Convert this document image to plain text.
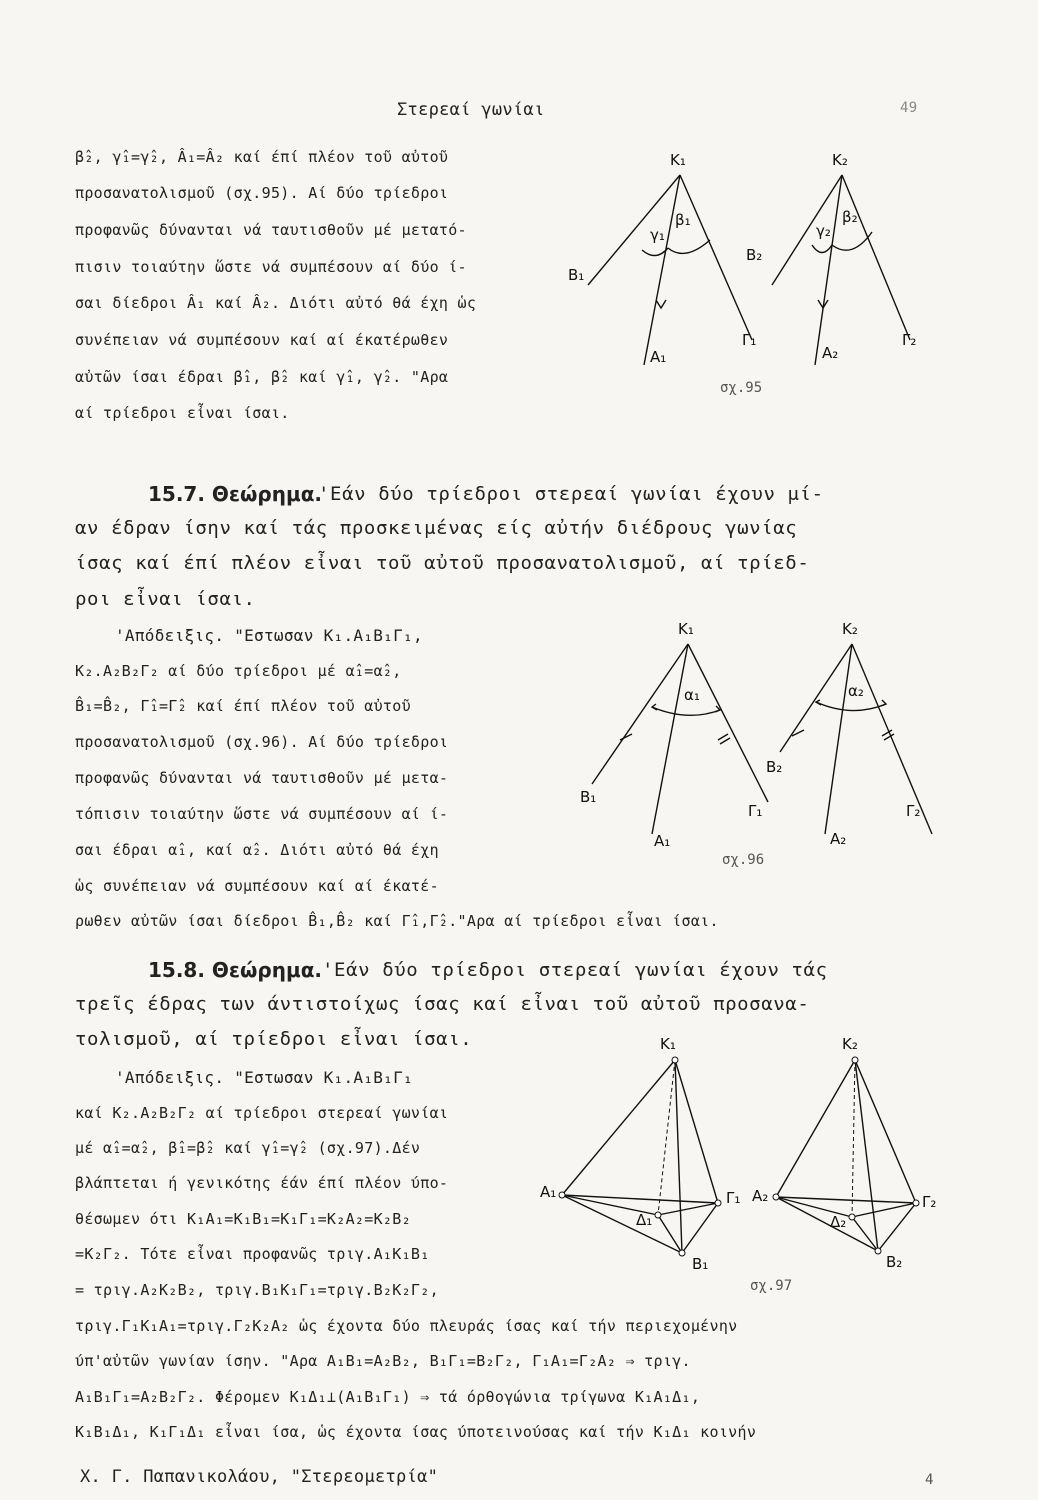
Στερεαί γωνίαι	49
β̂₂, γ̂₁=γ̂₂, Â₁=Â₂ καί έπί πλέον τοῦ αὐτοῦ
προσανατολισμοῦ (σχ.95). Αί δύο τρίεδροι
προφανῶς δύνανται νά ταυτισθοῦν μέ μετατό-
πισιν τοιαύτην ὥστε νά συμπέσουν αί δύο ί-
σαι δίεδροι Â₁ καί Â₂. Διότι αὐτό θά έχη ὡς
συνέπειαν νά συμπέσουν καί αί έκατέρωθεν
αὐτῶν ίσαι έδραι β̂₁, β̂₂ καί γ̂₁, γ̂₂. "Αρα
αί τρίεδροι εἶναι ίσαι.
K₁	K₂
B₁
B₂
Γ₁	Γ₂
A₁	A₂
γ₁
β₁
γ₂
β₂
σχ.95
15.7. Θεώρημα.
'Εάν δύο τρίεδροι στερεαί γωνίαι έχουν μί-
αν έδραν ίσην καί τάς προσκειμένας είς αὐτήν διέδρους γωνίας
ίσας καί έπί πλέον εἶναι τοῦ αὐτοῦ προσανατολισμοῦ, αί τρίεδ-
ροι εἶναι ίσαι.
'Απόδειξις. "Εστωσαν K₁.A₁B₁Γ₁,
K₂.A₂B₂Γ₂ αί δύο τρίεδροι μέ α̂₁=α̂₂,
B̂₁=B̂₂, Γ̂₁=Γ̂₂ καί έπί πλέον τοῦ αὐτοῦ
προσανατολισμοῦ (σχ.96). Αί δύο τρίεδροι
προφανῶς δύνανται νά ταυτισθοῦν μέ μετα-
τόπισιν τοιαύτην ὥστε νά συμπέσουν αί ί-
σαι έδραι α̂₁, καί α̂₂. Διότι αὐτό θά έχη
ὡς συνέπειαν νά συμπέσουν καί αί έκατέ-
ρωθεν αὐτῶν ίσαι δίεδροι B̂₁,B̂₂ καί Γ̂₁,Γ̂₂."Αρα αί τρίεδροι εἶναι ίσαι.
K₁	K₂
B₁
B₂
Γ₁	Γ₂
A₁	A₂
α₁	α₂
σχ.96
15.8. Θεώρημα. 'Εάν δύο τρίεδροι στερεαί γωνίαι έχουν τάς
τρεῖς έδρας των άντιστοίχως ίσας καί εἶναι τοῦ αὐτοῦ προσανα-
τολισμοῦ, αί τρίεδροι εἶναι ίσαι.
'Απόδειξις. "Εστωσαν K₁.A₁B₁Γ₁
καί K₂.A₂B₂Γ₂ αί τρίεδροι στερεαί γωνίαι
μέ α̂₁=α̂₂, β̂₁=β̂₂ καί γ̂₁=γ̂₂ (σχ.97).Δέν
βλάπτεται ή γενικότης έάν έπί πλέον ύπο-
θέσωμεν ότι K₁A₁=K₁B₁=K₁Γ₁=K₂A₂=K₂B₂
=K₂Γ₂. Τότε εἶναι προφανῶς τριγ.A₁K₁B₁
= τριγ.A₂K₂B₂, τριγ.B₁K₁Γ₁=τριγ.B₂K₂Γ₂,
τριγ.Γ₁K₁A₁=τριγ.Γ₂K₂A₂ ὡς έχοντα δύο πλευράς ίσας καί τήν περιεχομένην
ύπ'αὐτῶν γωνίαν ίσην. "Αρα A₁B₁=A₂B₂, B₁Γ₁=B₂Γ₂, Γ₁A₁=Γ₂A₂ ⇒ τριγ.
A₁B₁Γ₁=A₂B₂Γ₂. Φέρομεν K₁Δ₁⊥(A₁B₁Γ₁) ⇒ τά όρθογώνια τρίγωνα K₁A₁Δ₁,
K₁B₁Δ₁, K₁Γ₁Δ₁ εἶναι ίσα, ὡς έχοντα ίσας ύποτεινούσας καί τήν K₁Δ₁ κοινήν
K₁	K₂
A₁	A₂
Γ₁	Γ₂
B₁	B₂
Δ₁	Δ₂
σχ.97
Χ. Γ. Παπανικολάου, "Στερεομετρία"	4
